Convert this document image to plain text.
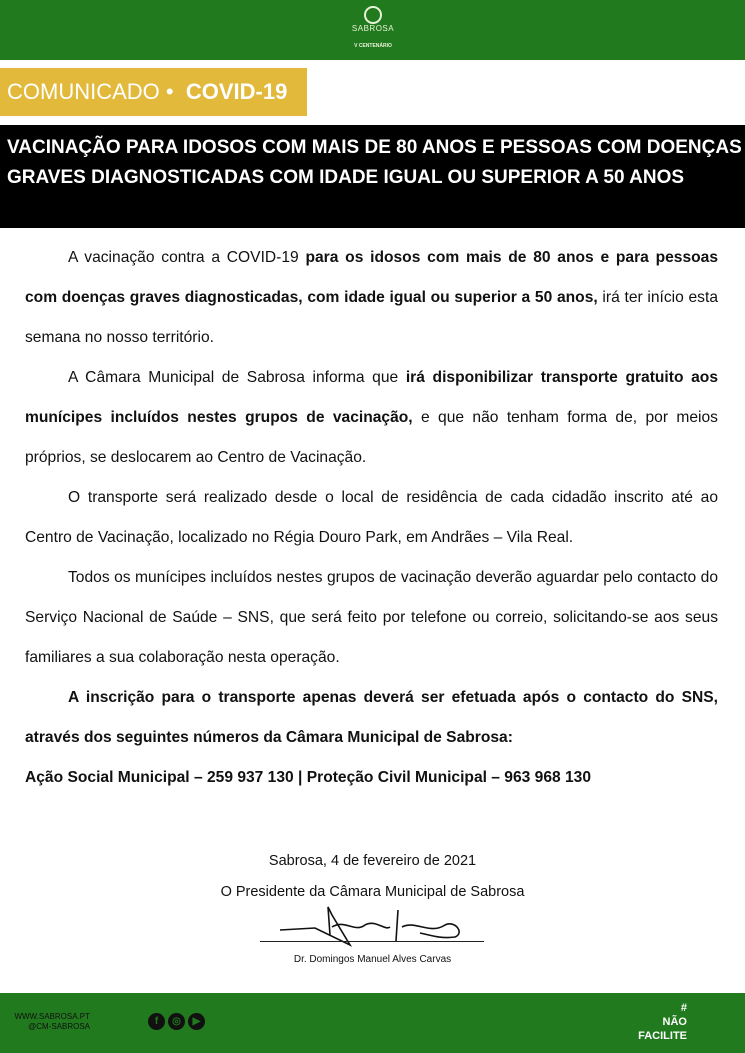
SABROSA
V CENTENÁRIO
COMUNICADO • COVID-19
VACINAÇÃO PARA IDOSOS COM MAIS DE 80 ANOS E PESSOAS COM DOENÇAS GRAVES DIAGNOSTICADAS COM IDADE IGUAL OU SUPERIOR A 50 ANOS

A vacinação contra a COVID-19 para os idosos com mais de 80 anos e para pessoas com doenças graves diagnosticadas, com idade igual ou superior a 50 anos, irá ter início esta semana no nosso território.

A Câmara Municipal de Sabrosa informa que irá disponibilizar transporte gratuito aos munícipes incluídos nestes grupos de vacinação, e que não tenham forma de, por meios próprios, se deslocarem ao Centro de Vacinação.

O transporte será realizado desde o local de residência de cada cidadão inscrito até ao Centro de Vacinação, localizado no Régia Douro Park, em Andrães – Vila Real.

Todos os munícipes incluídos nestes grupos de vacinação deverão aguardar pelo contacto do Serviço Nacional de Saúde – SNS, que será feito por telefone ou correio, solicitando-se aos seus familiares a sua colaboração nesta operação.

A inscrição para o transporte apenas deverá ser efetuada após o contacto do SNS, através dos seguintes números da Câmara Municipal de Sabrosa:

Ação Social Municipal – 259 937 130 | Proteção Civil Municipal – 963 968 130

Sabrosa, 4 de fevereiro de 2021
O Presidente da Câmara Municipal de Sabrosa
Dr. Domingos Manuel Alves Carvas
WWW.SABROSA.PT
@CM-SABROSA	f	◎	▶
#
NÃO
FACILITE
